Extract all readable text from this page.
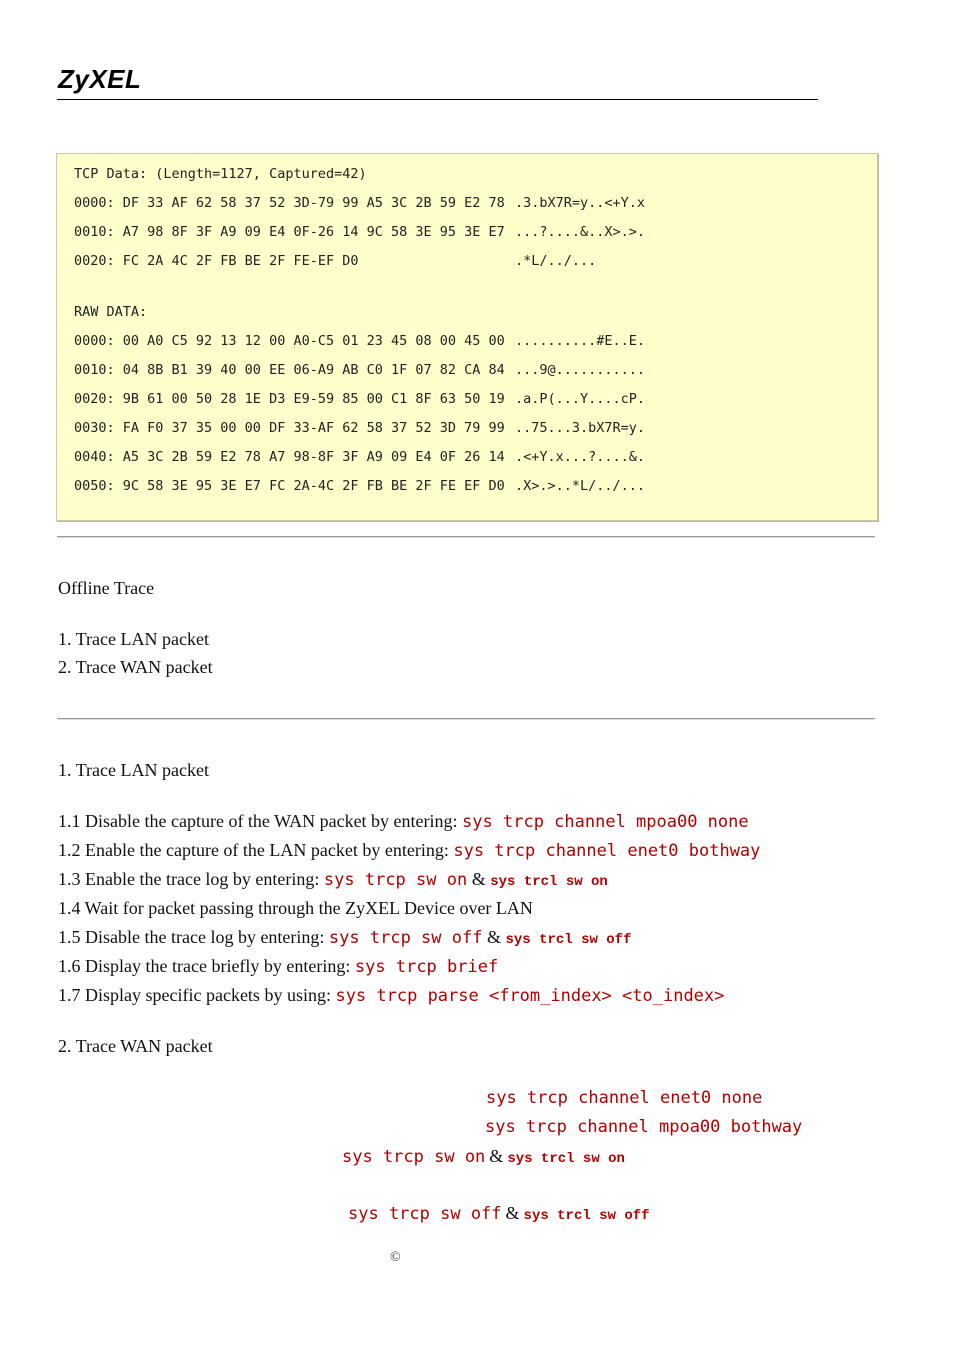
ZyXEL
TCP Data: (Length=1127, Captured=42)
0000: DF 33 AF 62 58 37 52 3D-79 99 A5 3C 2B 59 E2 78 .3.bX7R=y..<+Y.x
0010: A7 98 8F 3F A9 09 E4 0F-26 14 9C 58 3E 95 3E E7 ...?....&..X>.>.
0020: FC 2A 4C 2F FB BE 2F FE-EF D0	.*L/../...
RAW DATA:
0000: 00 A0 C5 92 13 12 00 A0-C5 01 23 45 08 00 45 00 ..........#E..E.
0010: 04 8B B1 39 40 00 EE 06-A9 AB C0 1F 07 82 CA 84 ...9@...........
0020: 9B 61 00 50 28 1E D3 E9-59 85 00 C1 8F 63 50 19 .a.P(...Y....cP.
0030: FA F0 37 35 00 00 DF 33-AF 62 58 37 52 3D 79 99 ..75...3.bX7R=y.
0040: A5 3C 2B 59 E2 78 A7 98-8F 3F A9 09 E4 0F 26 14 .<+Y.x...?....&.
0050: 9C 58 3E 95 3E E7 FC 2A-4C 2F FB BE 2F FE EF D0 .X>.>..*L/../...
Offline Trace
1. Trace LAN packet
2. Trace WAN packet
1. Trace LAN packet
1.1 Disable the capture of the WAN packet by entering: sys trcp channel mpoa00 none
1.2 Enable the capture of the LAN packet by entering: sys trcp channel enet0 bothway
1.3 Enable the trace log by entering: sys trcp sw on & sys trcl sw on
1.4 Wait for packet passing through the ZyXEL Device over LAN
1.5 Disable the trace log by entering: sys trcp sw off & sys trcl sw off
1.6 Display the trace briefly by entering: sys trcp brief
1.7 Display specific packets by using: sys trcp parse <from_index> <to_index>
2. Trace WAN packet
sys trcp channel enet0 none
sys trcp channel mpoa00 bothway
sys trcp sw on & sys trcl sw on
sys trcp sw off & sys trcl sw off
©
